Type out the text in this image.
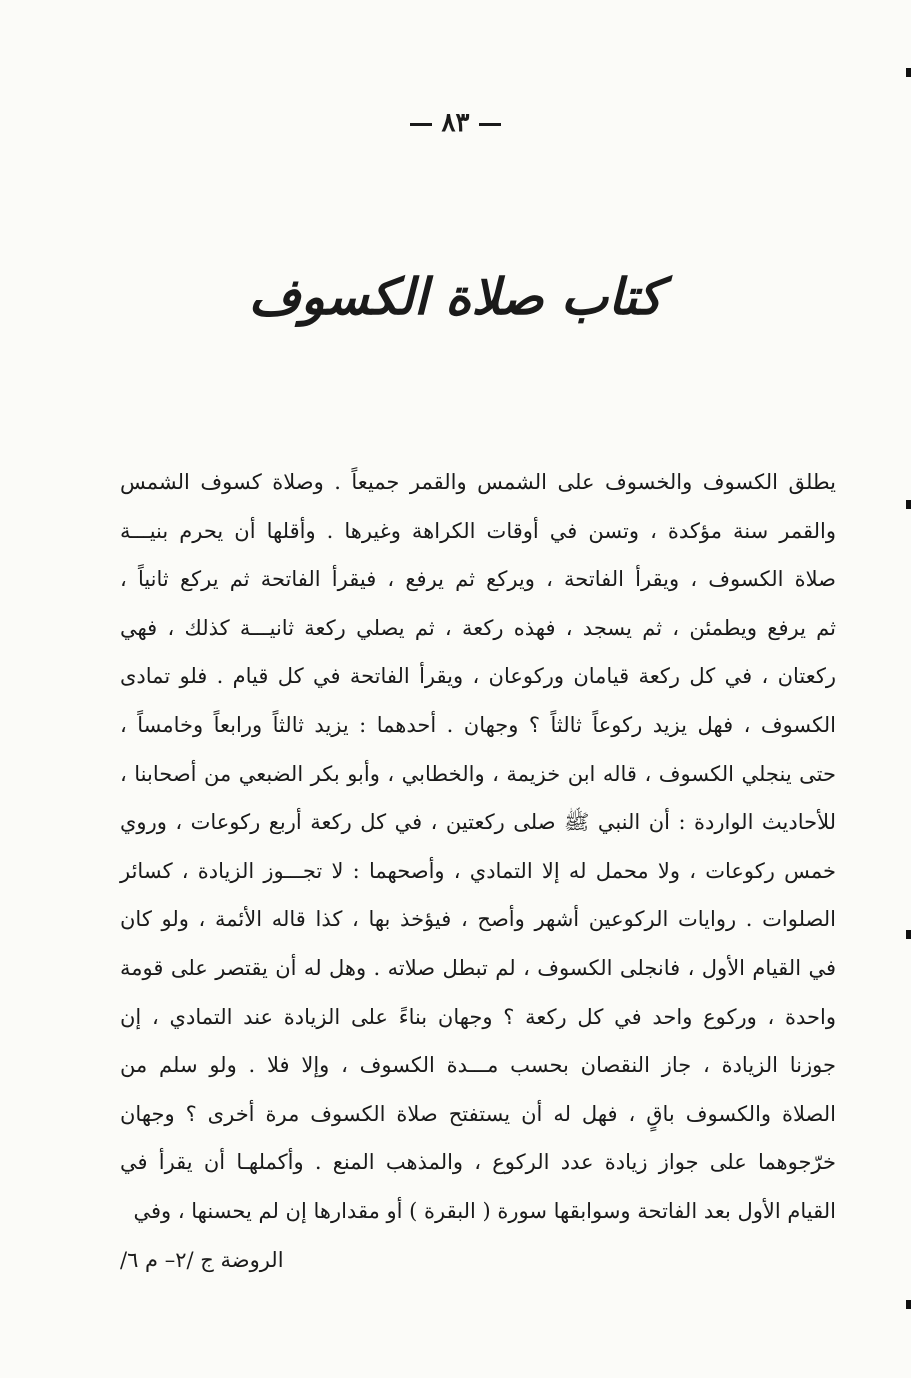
٨٣
كتاب صلاة الكسوف
يطلق الكسوف والخسوف على الشمس والقمر جميعاً . وصلاة كسوف الشمس
والقمر سنة مؤكدة ، وتسن في أوقات الكراهة وغيرها . وأقلها أن يحرم بنيـــة
صلاة الكسوف ، ويقرأ الفاتحة ، ويركع ثم يرفع ، فيقرأ الفاتحة ثم يركع ثانياً ،
ثم يرفع ويطمئن ، ثم يسجد ، فهذه ركعة ، ثم يصلي ركعة ثانيـــة كذلك ، فهي
ركعتان ، في كل ركعة قيامان وركوعان ، ويقرأ الفاتحة في كل قيام . فلو تمادى
الكسوف ، فهل يزيد ركوعاً ثالثاً ؟ وجهان . أحدهما : يزيد ثالثاً ورابعاً وخامساً ،
حتى ينجلي الكسوف ، قاله ابن خزيمة ، والخطابي ، وأبو بكر الضبعي من أصحابنا ،
للأحاديث الواردة : أن النبي ﷺ صلى ركعتين ، في كل ركعة أربع ركوعات ، وروي
خمس ركوعات ، ولا محمل له إلا التمادي ، وأصحهما : لا تجـــوز الزيادة ، كسائر
الصلوات . روايات الركوعين أشهر وأصح ، فيؤخذ بها ، كذا قاله الأئمة ، ولو كان
في القيام الأول ، فانجلى الكسوف ، لم تبطل صلاته . وهل له أن يقتصر على قومة
واحدة ، وركوع واحد في كل ركعة ؟ وجهان بناءً على الزيادة عند التمادي ، إن
جوزنا الزيادة ، جاز النقصان بحسب مـــدة الكسوف ، وإلا فلا . ولو سلم من
الصلاة والكسوف باقٍ ، فهل له أن يستفتح صلاة الكسوف مرة أخرى ؟ وجهان
خرّجوهما على جواز زيادة عدد الركوع ، والمذهب المنع . وأكملهـا أن يقرأ في
القيام الأول بعد الفاتحة وسوابقها سورة ( البقرة ) أو مقدارها إن لم يحسنها ، وفي
الروضة ج /٢– م ٦/
